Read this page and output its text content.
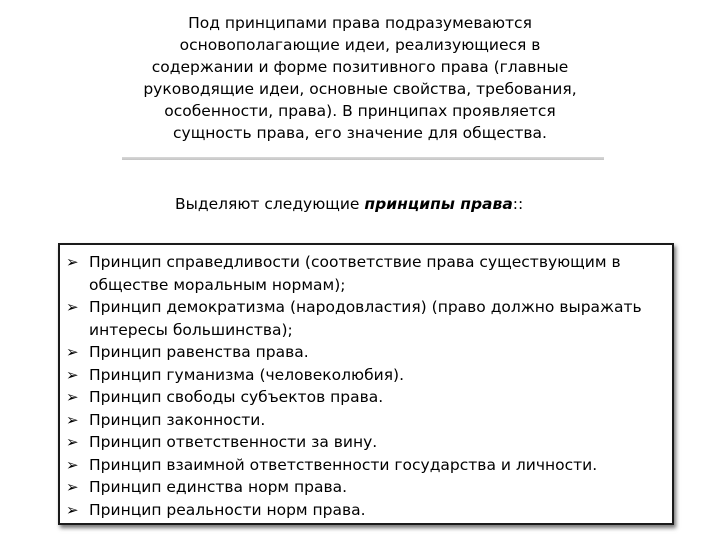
Под принципами права подразумеваются основополагающие идеи, реализующиеся в содержании и форме позитивного права (главные руководящие идеи, основные свойства, требования, особенности, права). В принципах проявляется сущность права, его значение для общества.

Выделяют следующие принципы права::

➢ Принцип справедливости (соответствие права существующим в обществе моральным нормам);
➢ Принцип демократизма (народовластия) (право должно выражать интересы большинства);
➢ Принцип равенства права.
➢ Принцип гуманизма (человеколюбия).
➢ Принцип свободы субъектов права.
➢ Принцип законности.
➢ Принцип ответственности за вину.
➢ Принцип взаимной ответственности государства и личности.
➢ Принцип единства норм права.
➢ Принцип реальности норм права.
